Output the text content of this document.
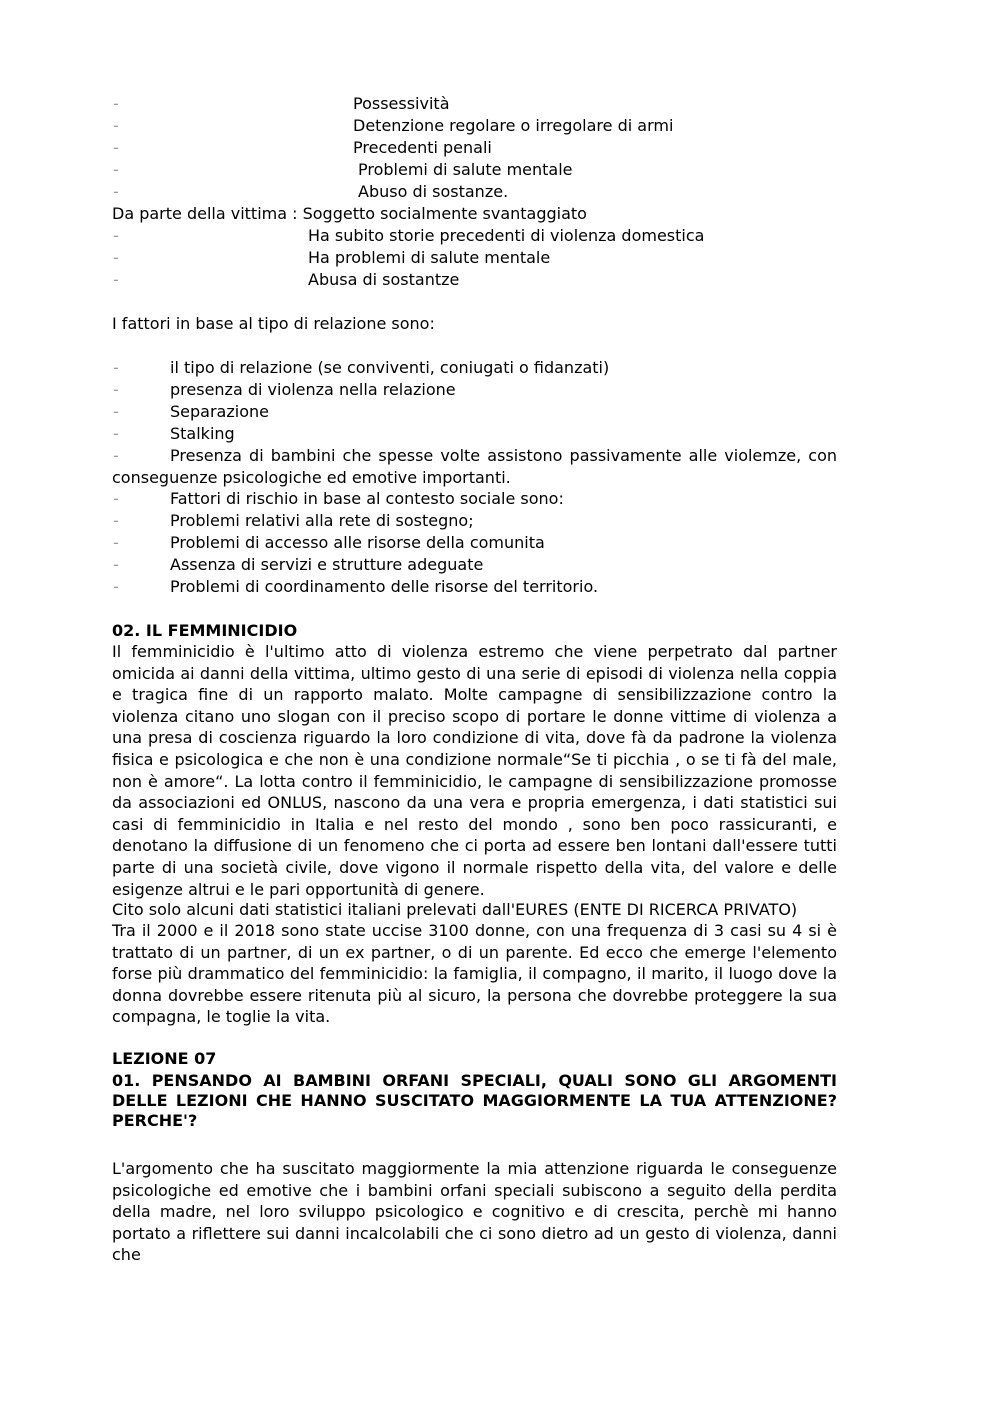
-	Possessività
-	Detenzione regolare o irregolare di armi
-	Precedenti penali
-	Problemi di salute mentale
-	Abuso di sostanze.
Da parte della vittima : Soggetto socialmente svantaggiato
-	Ha subito storie precedenti di violenza domestica
-	Ha problemi di salute mentale
-	Abusa di sostantze
I fattori in base al tipo di relazione sono:
-	il tipo di relazione (se conviventi, coniugati o fidanzati)
-	presenza di violenza nella relazione
-	Separazione
-	Stalking
-	Presenza di bambini che spesse volte assistono passivamente alle violemze, con conseguenze psicologiche ed emotive importanti.
-	Fattori di rischio in base al contesto sociale sono:
-	Problemi relativi alla rete di sostegno;
-	Problemi di accesso alle risorse della comunita
-	Assenza di servizi e strutture adeguate
-	Problemi di coordinamento delle risorse del territorio.
02. IL FEMMINICIDIO
Il femminicidio è l'ultimo atto di violenza estremo che viene perpetrato dal partner omicida ai danni della vittima, ultimo gesto di una serie di episodi di violenza nella coppia e tragica fine di un rapporto malato. Molte campagne di sensibilizzazione contro la violenza citano uno slogan con il preciso scopo di portare le donne vittime di violenza a una presa di coscienza riguardo la loro condizione di vita, dove fà da padrone la violenza fisica e psicologica e che non è una condizione normale“Se ti picchia , o se ti fà del male, non è amore“. La lotta contro il femminicidio, le campagne di sensibilizzazione promosse da associazioni ed ONLUS, nascono da una vera e propria emergenza, i dati statistici sui casi di femminicidio in Italia e nel resto del mondo , sono ben poco rassicuranti, e denotano la diffusione di un fenomeno che ci porta ad essere ben lontani dall'essere tutti parte di una società civile, dove vigono il normale rispetto della vita, del valore e delle esigenze altrui e le pari opportunità di genere.
Cito solo alcuni dati statistici italiani prelevati dall'EURES (ENTE DI RICERCA PRIVATO)
Tra il 2000 e il 2018 sono state uccise 3100 donne, con una frequenza di 3 casi su 4 si è trattato di un partner, di un ex partner, o di un parente. Ed ecco che emerge l'elemento forse più drammatico del femminicidio: la famiglia, il compagno, il marito, il luogo dove la donna dovrebbe essere ritenuta più al sicuro, la persona che dovrebbe proteggere la sua compagna, le toglie la vita.
LEZIONE 07
01. PENSANDO AI BAMBINI ORFANI SPECIALI, QUALI SONO GLI ARGOMENTI DELLE LEZIONI CHE HANNO SUSCITATO MAGGIORMENTE LA TUA ATTENZIONE? PERCHE'?
L'argomento che ha suscitato maggiormente la mia attenzione riguarda le conseguenze psicologiche ed emotive che i bambini orfani speciali subiscono a seguito della perdita della madre, nel loro sviluppo psicologico e cognitivo e di crescita, perchè mi hanno portato a riflettere sui danni incalcolabili che ci sono dietro ad un gesto di violenza, danni che
